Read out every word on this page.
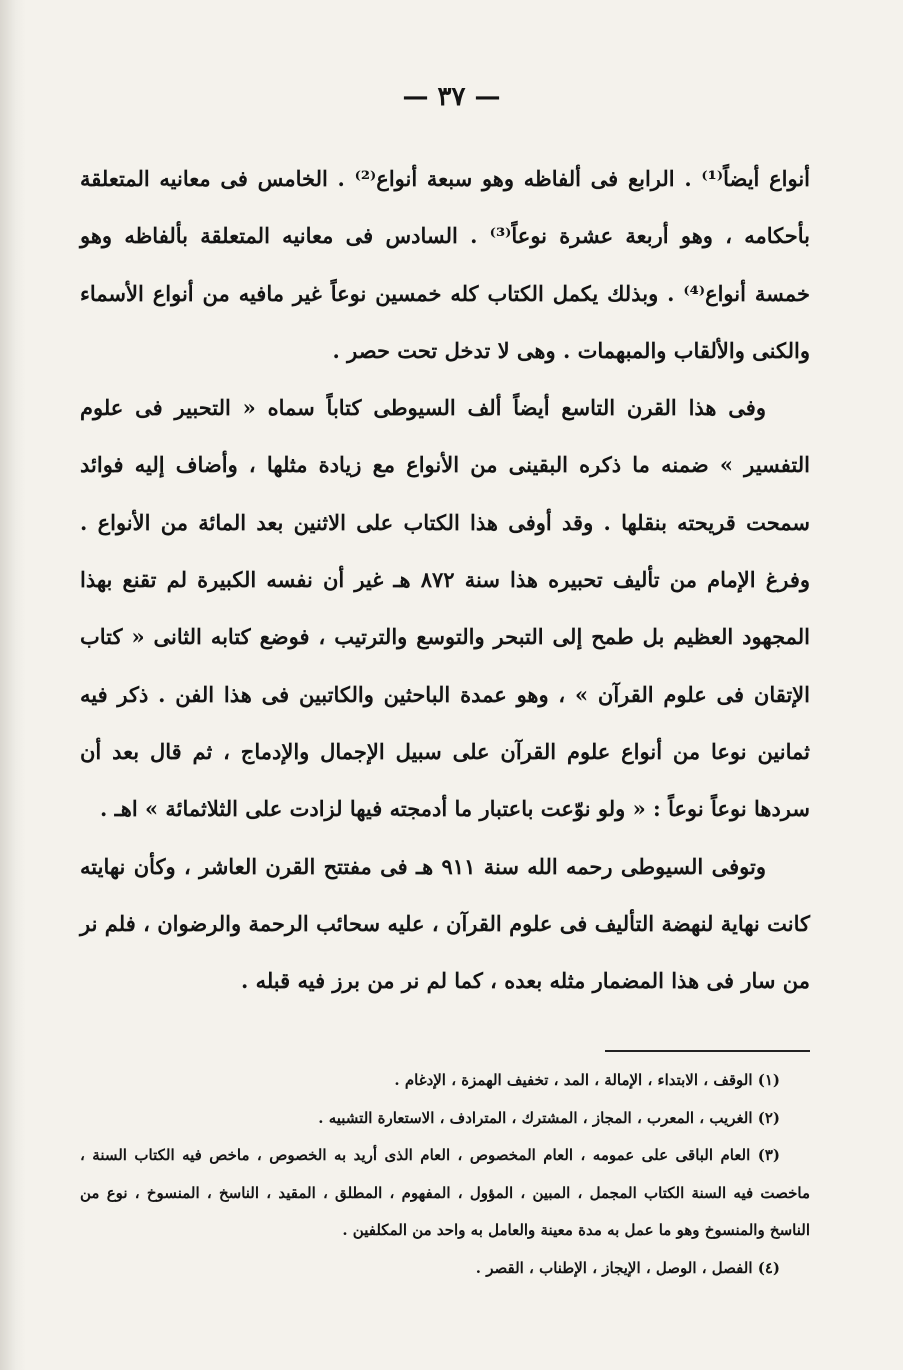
— ٣٧ —

أنواع أيضاً⁽¹⁾ . الرابع فى ألفاظه وهو سبعة أنواع⁽²⁾ . الخامس فى معانيه المتعلقة بأحكامه ، وهو أربعة عشرة نوعاً⁽³⁾ . السادس فى معانيه المتعلقة بألفاظه وهو خمسة أنواع⁽⁴⁾ . وبذلك يكمل الكتاب كله خمسين نوعاً غير مافيه من أنواع الأسماء والكنى والألقاب والمبهمات . وهى لا تدخل تحت حصر .

وفى هذا القرن التاسع أيضاً ألف السيوطى كتاباً سماه « التحبير فى علوم التفسير » ضمنه ما ذكره البقينى من الأنواع مع زيادة مثلها ، وأضاف إليه فوائد سمحت قريحته بنقلها . وقد أوفى هذا الكتاب على الاثنين بعد المائة من الأنواع . وفرغ الإمام من تأليف تحبيره هذا سنة ٨٧٢ هـ غير أن نفسه الكبيرة لم تقنع بهذا المجهود العظيم بل طمح إلى التبحر والتوسع والترتيب ، فوضع كتابه الثانى « كتاب الإتقان فى علوم القرآن » ، وهو عمدة الباحثين والكاتبين فى هذا الفن . ذكر فيه ثمانين نوعا من أنواع علوم القرآن على سبيل الإجمال والإدماج ، ثم قال بعد أن سردها نوعاً نوعاً : « ولو نوّعت باعتبار ما أدمجته فيها لزادت على الثلاثمائة » اهـ .

وتوفى السيوطى رحمه الله سنة ٩١١ هـ فى مفتتح القرن العاشر ، وكأن نهايته كانت نهاية لنهضة التأليف فى علوم القرآن ، عليه سحائب الرحمة والرضوان ، فلم نر من سار فى هذا المضمار مثله بعده ، كما لم نر من برز فيه قبله .

(١) الوقف ، الابتداء ، الإمالة ، المد ، تخفيف الهمزة ، الإدغام .

(٢) الغريب ، المعرب ، المجاز ، المشترك ، المترادف ، الاستعارة التشبيه .

(٣) العام الباقى على عمومه ، العام المخصوص ، العام الذى أريد به الخصوص ، ماخص فيه الكتاب السنة ، ماخصت فيه السنة الكتاب المجمل ، المبين ، المؤول ، المفهوم ، المطلق ، المقيد ، الناسخ ، المنسوخ ، نوع من الناسخ والمنسوخ وهو ما عمل به مدة معينة والعامل به واحد من المكلفين .

(٤) الفصل ، الوصل ، الإيجاز ، الإطناب ، القصر .
